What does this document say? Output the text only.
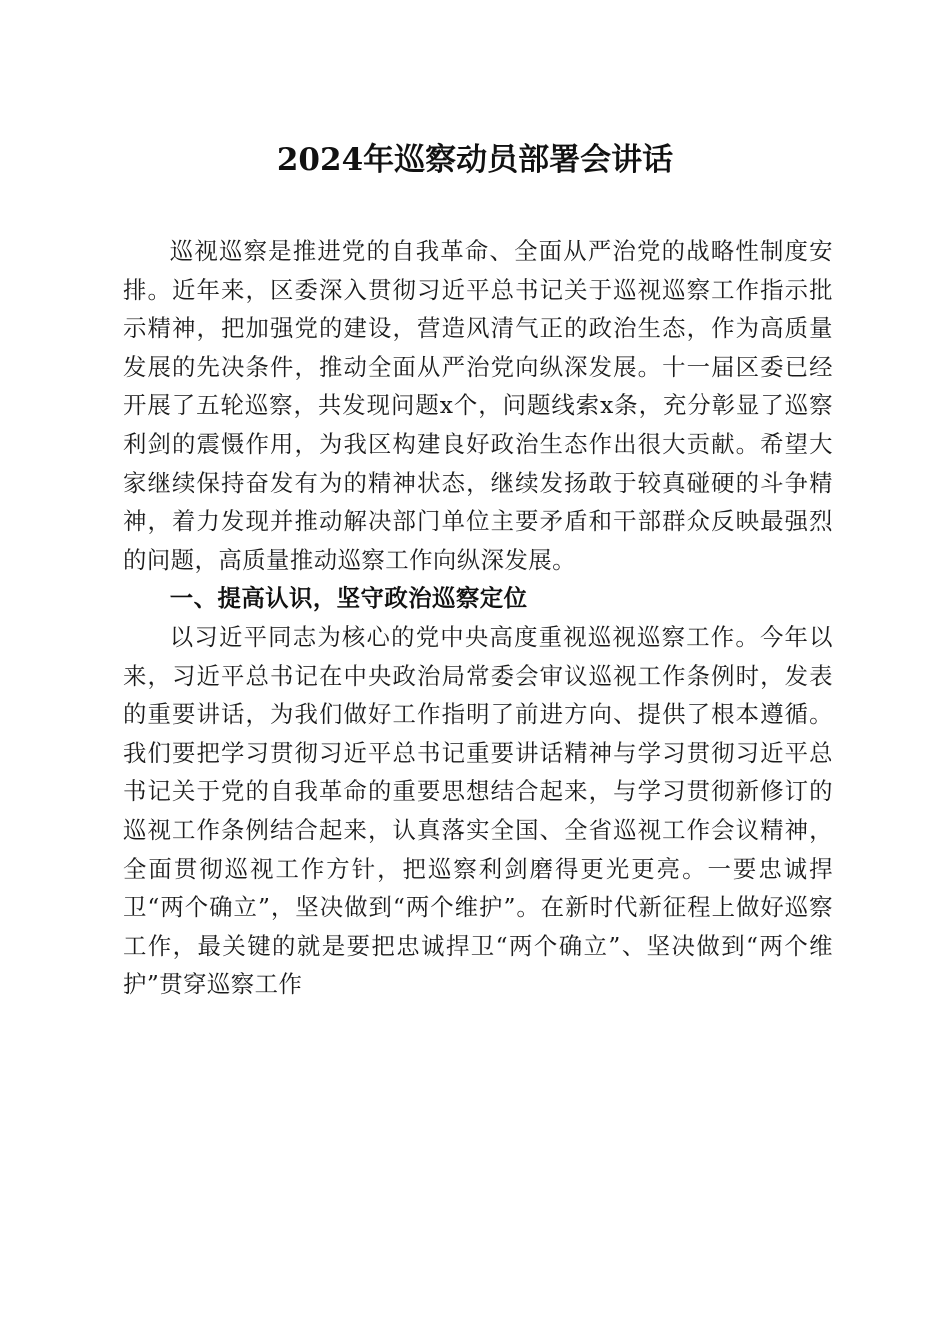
2024年巡察动员部署会讲话

巡视巡察是推进党的自我革命、全面从严治党的战略性制度安排。近年来，区委深入贯彻习近平总书记关于巡视巡察工作指示批示精神，把加强党的建设，营造风清气正的政治生态，作为高质量发展的先决条件，推动全面从严治党向纵深发展。十一届区委已经开展了五轮巡察，共发现问题x个，问题线索x条，充分彰显了巡察利剑的震慑作用，为我区构建良好政治生态作出很大贡献。希望大家继续保持奋发有为的精神状态，继续发扬敢于较真碰硬的斗争精神，着力发现并推动解决部门单位主要矛盾和干部群众反映最强烈的问题，高质量推动巡察工作向纵深发展。

一、提高认识，坚守政治巡察定位

以习近平同志为核心的党中央高度重视巡视巡察工作。今年以来，习近平总书记在中央政治局常委会审议巡视工作条例时，发表的重要讲话，为我们做好工作指明了前进方向、提供了根本遵循。我们要把学习贯彻习近平总书记重要讲话精神与学习贯彻习近平总书记关于党的自我革命的重要思想结合起来，与学习贯彻新修订的巡视工作条例结合起来，认真落实全国、全省巡视工作会议精神，全面贯彻巡视工作方针，把巡察利剑磨得更光更亮。一要忠诚捍卫“两个确立”，坚决做到“两个维护”。在新时代新征程上做好巡察工作，最关键的就是要把忠诚捍卫“两个确立”、坚决做到“两个维护”贯穿巡察工作
